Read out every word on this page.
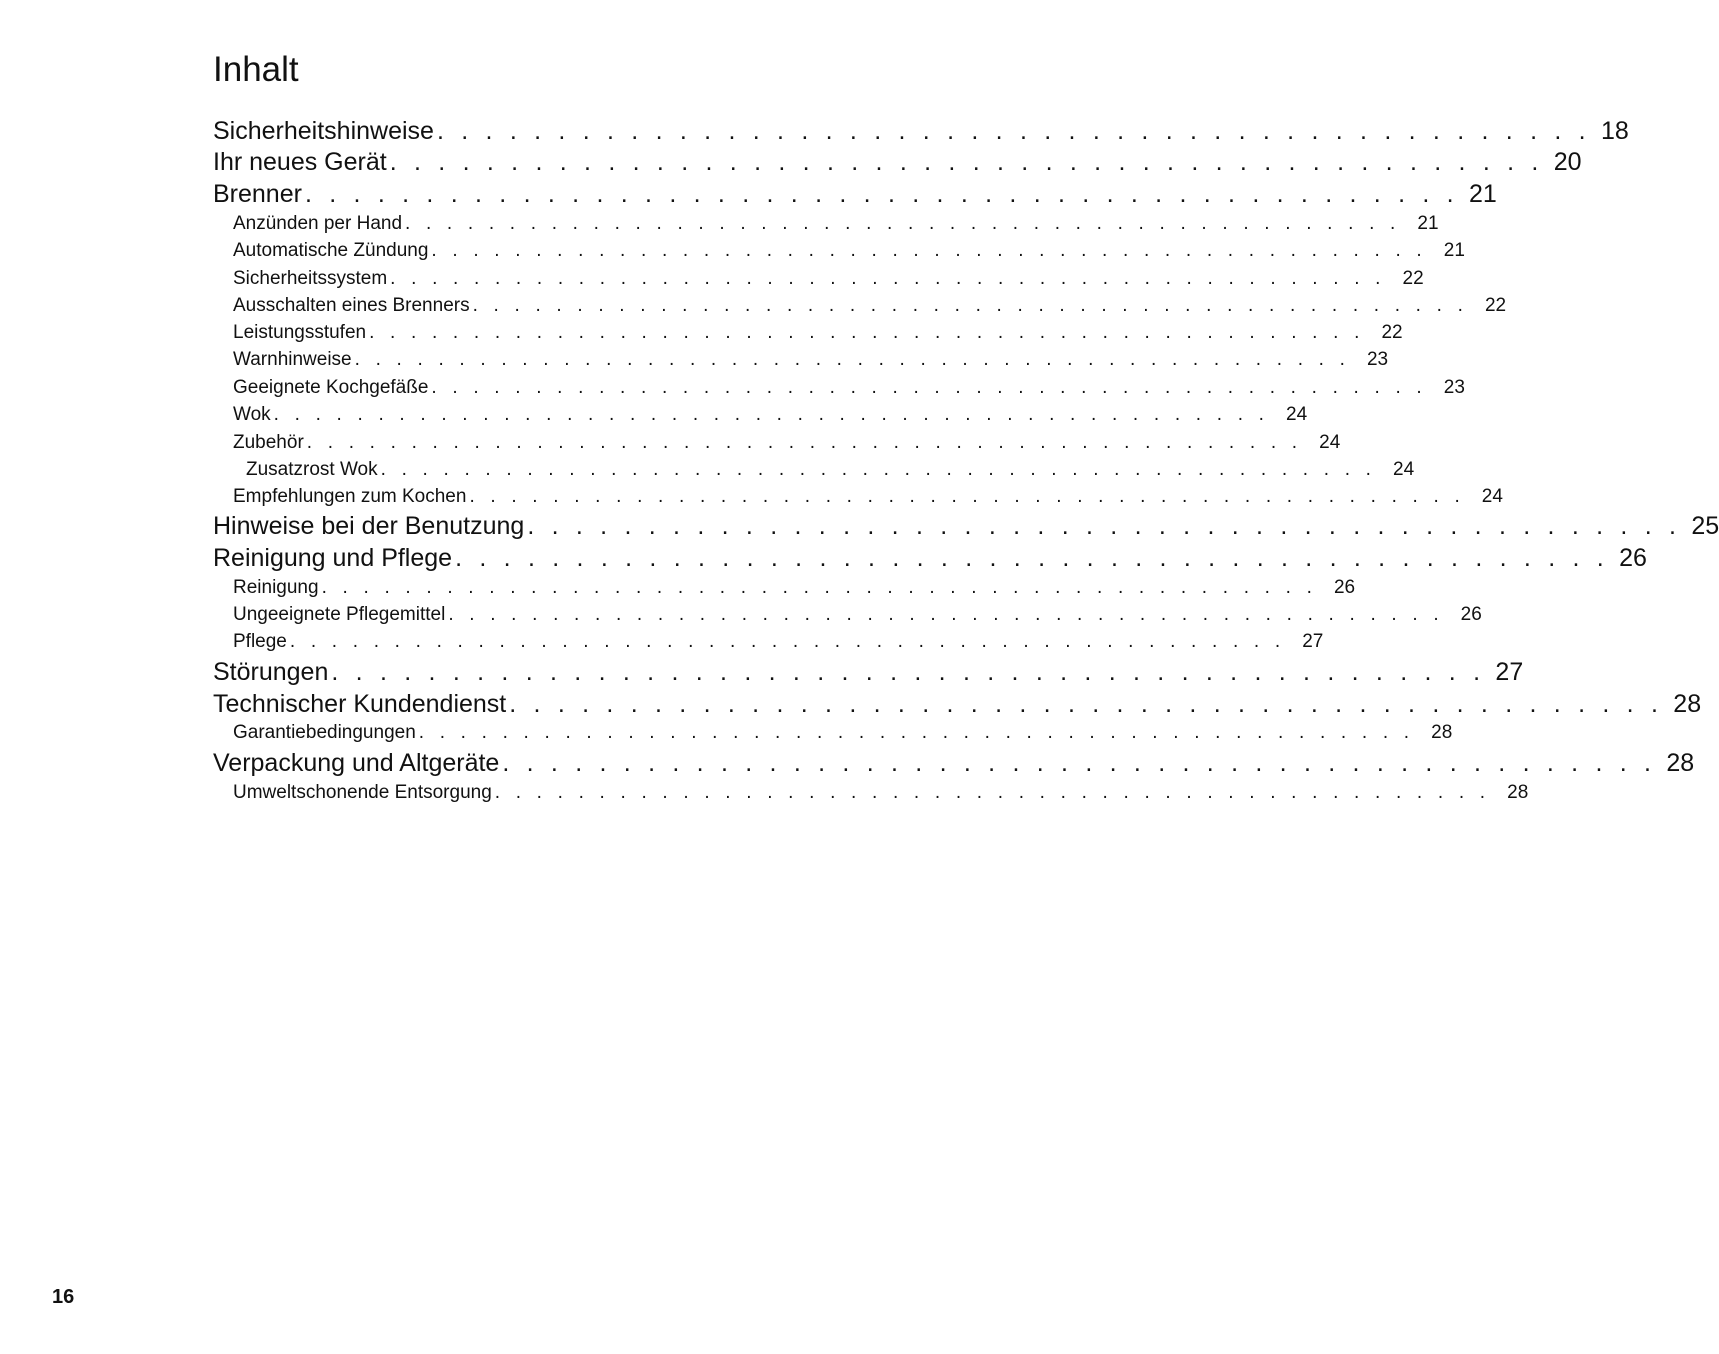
Inhalt
Sicherheitshinweise . . . . . . . . . . . . . . . . . . . . . . . . . . . . . . . . . . . . . . . . . . . . . . . . 18
Ihr neues Gerät . . . . . . . . . . . . . . . . . . . . . . . . . . . . . . . . . . . . . . . . . . . . . . . . 20
Brenner . . . . . . . . . . . . . . . . . . . . . . . . . . . . . . . . . . . . . . . . . . . . . . . . 21
Anzünden per Hand . . . . . . . . . . . . . . . . . . . . . . . . . . . . . . . . . . . . . . . . . . . . . . . . 21
Automatische Zündung . . . . . . . . . . . . . . . . . . . . . . . . . . . . . . . . . . . . . . . . . . . . . . . . 21
Sicherheitssystem . . . . . . . . . . . . . . . . . . . . . . . . . . . . . . . . . . . . . . . . . . . . . . . . 22
Ausschalten eines Brenners . . . . . . . . . . . . . . . . . . . . . . . . . . . . . . . . . . . . . . . . . . . . . . . . 22
Leistungsstufen . . . . . . . . . . . . . . . . . . . . . . . . . . . . . . . . . . . . . . . . . . . . . . . . 22
Warnhinweise . . . . . . . . . . . . . . . . . . . . . . . . . . . . . . . . . . . . . . . . . . . . . . . . 23
Geeignete Kochgefäße . . . . . . . . . . . . . . . . . . . . . . . . . . . . . . . . . . . . . . . . . . . . . . . . 23
Wok . . . . . . . . . . . . . . . . . . . . . . . . . . . . . . . . . . . . . . . . . . . . . . . . 24
Zubehör . . . . . . . . . . . . . . . . . . . . . . . . . . . . . . . . . . . . . . . . . . . . . . . . 24
Zusatzrost Wok . . . . . . . . . . . . . . . . . . . . . . . . . . . . . . . . . . . . . . . . . . . . . . . . 24
Empfehlungen zum Kochen . . . . . . . . . . . . . . . . . . . . . . . . . . . . . . . . . . . . . . . . . . . . . . . . 24
Hinweise bei der Benutzung . . . . . . . . . . . . . . . . . . . . . . . . . . . . . . . . . . . . . . . . . . . . . . . . 25
Reinigung und Pflege . . . . . . . . . . . . . . . . . . . . . . . . . . . . . . . . . . . . . . . . . . . . . . . . 26
Reinigung . . . . . . . . . . . . . . . . . . . . . . . . . . . . . . . . . . . . . . . . . . . . . . . . 26
Ungeeignete Pflegemittel . . . . . . . . . . . . . . . . . . . . . . . . . . . . . . . . . . . . . . . . . . . . . . . . 26
Pflege . . . . . . . . . . . . . . . . . . . . . . . . . . . . . . . . . . . . . . . . . . . . . . . . 27
Störungen . . . . . . . . . . . . . . . . . . . . . . . . . . . . . . . . . . . . . . . . . . . . . . . . 27
Technischer Kundendienst . . . . . . . . . . . . . . . . . . . . . . . . . . . . . . . . . . . . . . . . . . . . . . . . 28
Garantiebedingungen . . . . . . . . . . . . . . . . . . . . . . . . . . . . . . . . . . . . . . . . . . . . . . . . 28
Verpackung und Altgeräte . . . . . . . . . . . . . . . . . . . . . . . . . . . . . . . . . . . . . . . . . . . . . . . . 28
Umweltschonende Entsorgung . . . . . . . . . . . . . . . . . . . . . . . . . . . . . . . . . . . . . . . . . . . . . . . . 28
16
